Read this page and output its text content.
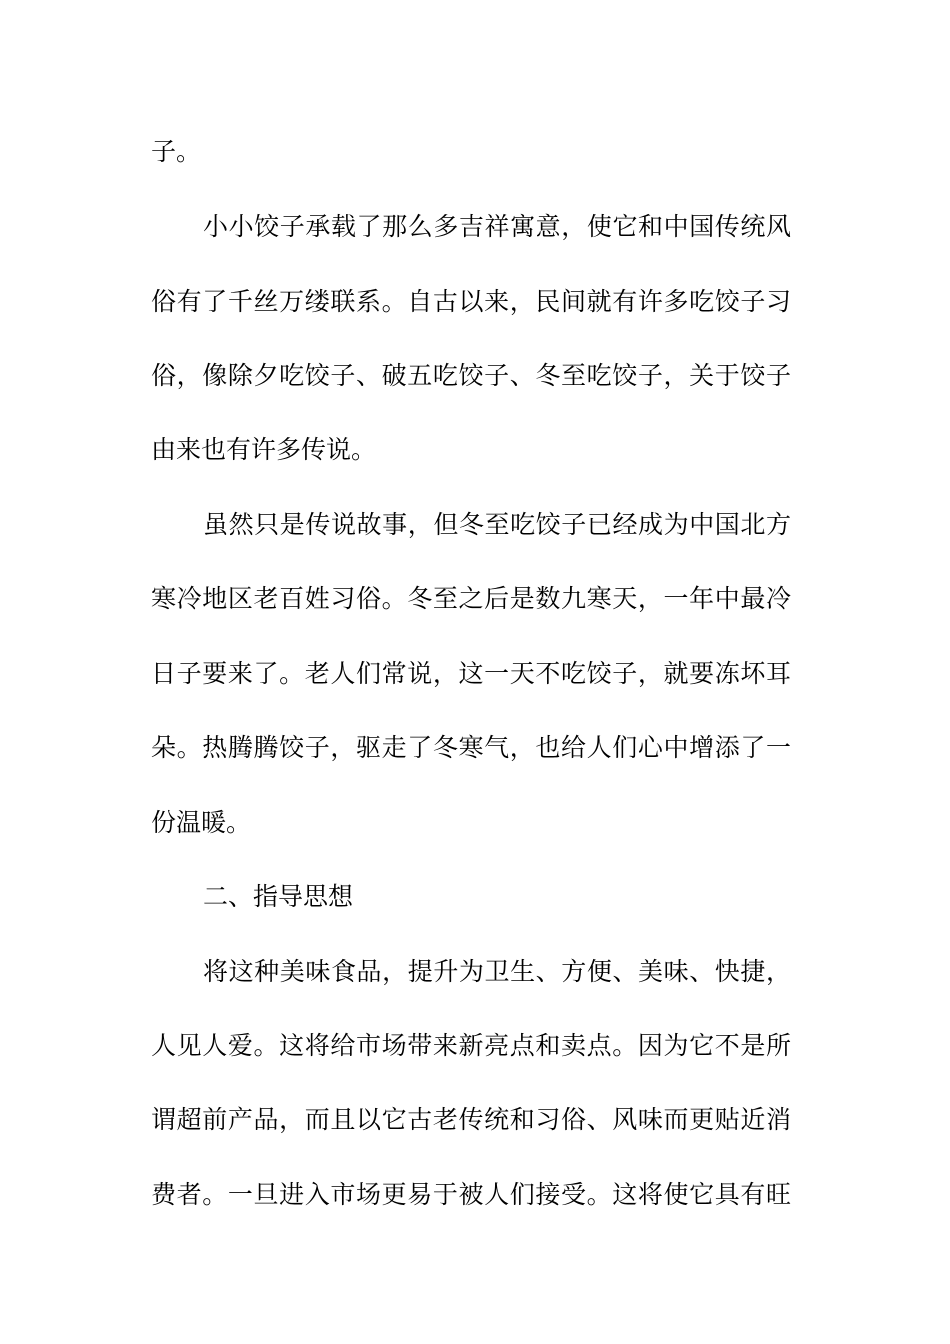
子。
小小饺子承载了那么多吉祥寓意，使它和中国传统风
俗有了千丝万缕联系。自古以来，民间就有许多吃饺子习
俗，像除夕吃饺子、破五吃饺子、冬至吃饺子，关于饺子
由来也有许多传说。
虽然只是传说故事，但冬至吃饺子已经成为中国北方
寒冷地区老百姓习俗。冬至之后是数九寒天，一年中最冷
日子要来了。老人们常说，这一天不吃饺子，就要冻坏耳
朵。热腾腾饺子，驱走了冬寒气，也给人们心中增添了一
份温暖。
二、指导思想
将这种美味食品，提升为卫生、方便、美味、快捷，
人见人爱。这将给市场带来新亮点和卖点。因为它不是所
谓超前产品，而且以它古老传统和习俗、风味而更贴近消
费者。一旦进入市场更易于被人们接受。这将使它具有旺
